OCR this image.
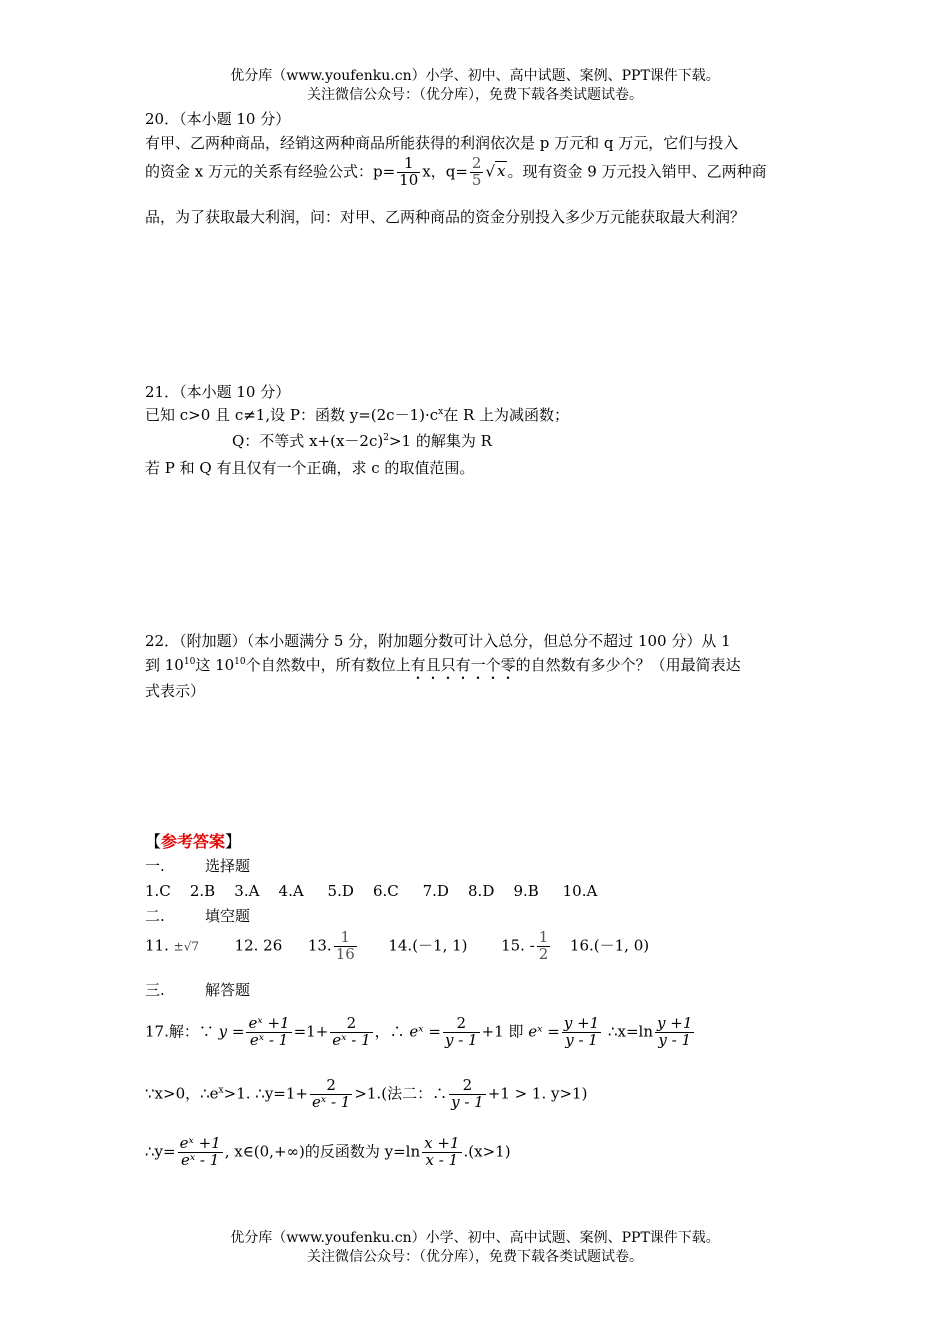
优分库（www.youfenku.cn）小学、初中、高中试题、案例、PPT课件下载。
关注微信公众号：（优分库），免费下载各类试题试卷。
20．（本小题 10 分）
有甲、乙两种商品，经销这两种商品所能获得的利润依次是 p 万元和 q 万元，它们与投入
的资金 x 万元的关系有经验公式：$p= \frac{1}{10}$ x，$q= \frac{2}{5}$ √ x 。现有资金 9 万元投入销甲、乙两种商
品，为了获取最大利润，问：对甲、乙两种商品的资金分别投入多少万元能获取最大利润？
21．（本小题 10 分）
已知 c>0 且 c≠1,设 P：函数 $y=(2c-1)\cdot c^x$在 R 上为减函数；
Q：不等式 $x+(x-2c)^2>1$ 的解集为 R
若 P 和 Q 有且仅有一个正确，求 c 的取值范围。
22．（附加题）（本小题满分 5 分，附加题分数可计入总分，但总分不超过 100 分）从 1
到 $10^{10}$这 $10^{10}$个自然数中，所有数位上有且只有一个零的自然数有多少个？（用最简表达
式表示）
【参考答案】
一.	选择题
1.C 2.B 3.A 4.A 5.D 6.C 7.D 8.D 9.B 10.A
二.	填空题
11. ±√7 12. 26 13. $\frac{1}{16} 14.(-1$, 1) 15. - $\frac{1}{2} 16.(-1$, 0)
三.	解答题
17.解：∵ $y = \frac{\text{eˣ +1}}{\text{eˣ - 1}} =1+ \frac{2}{\text{eˣ - 1}}$ ，∴ eˣ = $\frac{2}{y - 1} +1$ 即 eˣ = $\frac{y +1}{y - 1}$ ∴x=ln $\frac{y +1}{y - 1}$
∵x>0，$\therefore e^x>1$. ∴y=1+ $\frac{2}{\text{eˣ - 1}} >1$.(法二：∴ $\frac{2}{y - 1} +1 > 1$. y>1)
∴y= $\frac{\text{eˣ +1}}{\text{eˣ - 1}}$ , x∈(0,+∞)的反函数为 $y=\ln \frac{x +1}{x - 1} .(x>1)$
优分库（www.youfenku.cn）小学、初中、高中试题、案例、PPT课件下载。
关注微信公众号：（优分库），免费下载各类试题试卷。
